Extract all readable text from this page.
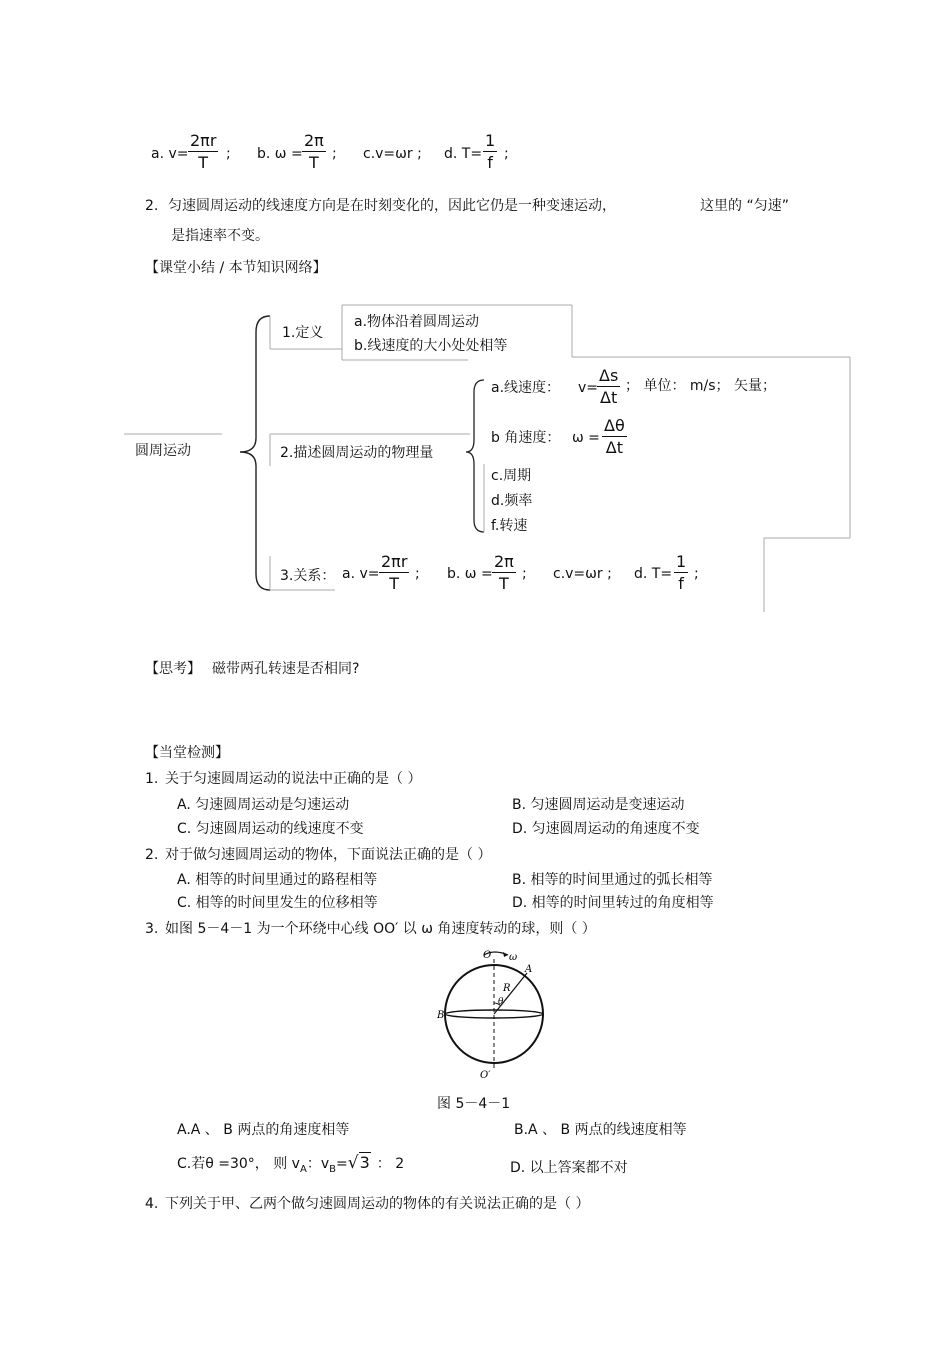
a. $v= \frac{2\pi r}{T}$ ; b. $\omega = \frac{2\pi}{T}$ ; c.v=ωr ; d. $T= \frac{1}{f}$ ;
2. 匀速圆周运动的线速度方向是在时刻变化的，因此它仍是一种变速运动，	这里的 “匀速”
是指速率不变。
【课堂小结 / 本节知识网络】
圆周运动
1.定义
a.物体沿着圆周运动
b.线速度的大小处处相等
2.描述圆周运动的物理量
a.线速度： v=
$\frac{\Delta s}{\Delta t}$ ； 单位： m/s； 矢量；
b 角速度： $\omega = \frac{\Delta\theta}{\Delta t}$
c.周期
d.频率
f.转速
3.关系： a. $v= \frac{2\pi r}{T}$ ; b. $\omega = \frac{2\pi}{T}$ ; c.v=ωr ; d. $T= \frac{1}{f}$ ;
【思考】 磁带两孔转速是否相同?
【当堂检测】
1. 关于匀速圆周运动的说法中正确的是（ ）
A. 匀速圆周运动是匀速运动	B. 匀速圆周运动是变速运动
C. 匀速圆周运动的线速度不变	D. 匀速圆周运动的角速度不变
2. 对于做匀速圆周运动的物体，下面说法正确的是（ ）
A. 相等的时间里通过的路程相等	B. 相等的时间里通过的弧长相等
C. 相等的时间里发生的位移相等	D. 相等的时间里转过的角度相等
3. 如图 5－4－1 为一个环绕中心线 OO′ 以 ω 角速度转动的球，则（ ）
O ω
A
R
θ
B
O′
图 5－4－1
A.A 、 B 两点的角速度相等	B.A 、 B 两点的线速度相等
C.若θ =30°， 则 $v_A$：$v_B=√3$ ： 2	D. 以上答案都不对
4. 下列关于甲、乙两个做匀速圆周运动的物体的有关说法正确的是（ ）
